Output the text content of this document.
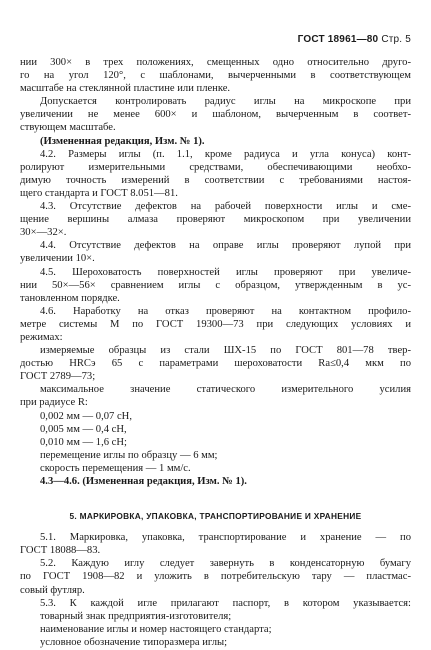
ГОСТ 18961—80 Стр. 5
нии 300× в трех положениях, смещенных одно относительно друго-
го на угол 120°, с шаблонами, вычерченными в соответствующем
масштабе на стеклянной пластине или пленке.
Допускается контролировать радиус иглы на микроскопе при
увеличении не менее 600× и шаблоном, вычерченным в соответ-
ствующем масштабе.
(Измененная редакция, Изм. № 1).
4.2. Размеры иглы (п. 1.1, кроме радиуса и угла конуса) конт-
ролируют измерительными средствами, обеспечивающими необхо-
димую точность измерений в соответствии с требованиями настоя-
щего стандарта и ГОСТ 8.051—81.
4.3. Отсутствие дефектов на рабочей поверхности иглы и сме-
щение вершины алмаза проверяют микроскопом при увеличении
30×—32×.
4.4. Отсутствие дефектов на оправе иглы проверяют лупой при
увеличении 10×.
4.5. Шероховатость поверхностей иглы проверяют при увеличе-
нии 50×—56× сравнением иглы с образцом, утвержденным в ус-
тановленном порядке.
4.6. Наработку на отказ проверяют на контактном профило-
метре системы М по ГОСТ 19300—73 при следующих условиях и
режимах:
измеряемые образцы из стали ШХ-15 по ГОСТ 801—78 твер-
достью HRCэ 65 с параметрами шероховатости Ra≤0,4 мкм по
ГОСТ 2789—73;
максимальное значение статического измерительного усилия
при радиусе R:
0,002 мм — 0,07 сН,
0,005 мм — 0,4 сН,
0,010 мм — 1,6 сН;
перемещение иглы по образцу — 6 мм;
скорость перемещения — 1 мм/с.
4.3—4.6. (Измененная редакция, Изм. № 1).
5. МАРКИРОВКА, УПАКОВКА, ТРАНСПОРТИРОВАНИЕ И ХРАНЕНИЕ
5.1. Маркировка, упаковка, транспортирование и хранение — по
ГОСТ 18088—83.
5.2. Каждую иглу следует завернуть в конденсаторную бумагу
по ГОСТ 1908—82 и уложить в потребительскую тару — пластмас-
совый футляр.
5.3. К каждой игле прилагают паспорт, в котором указывается:
товарный знак предприятия-изготовителя;
наименование иглы и номер настоящего стандарта;
условное обозначение типоразмера иглы;
